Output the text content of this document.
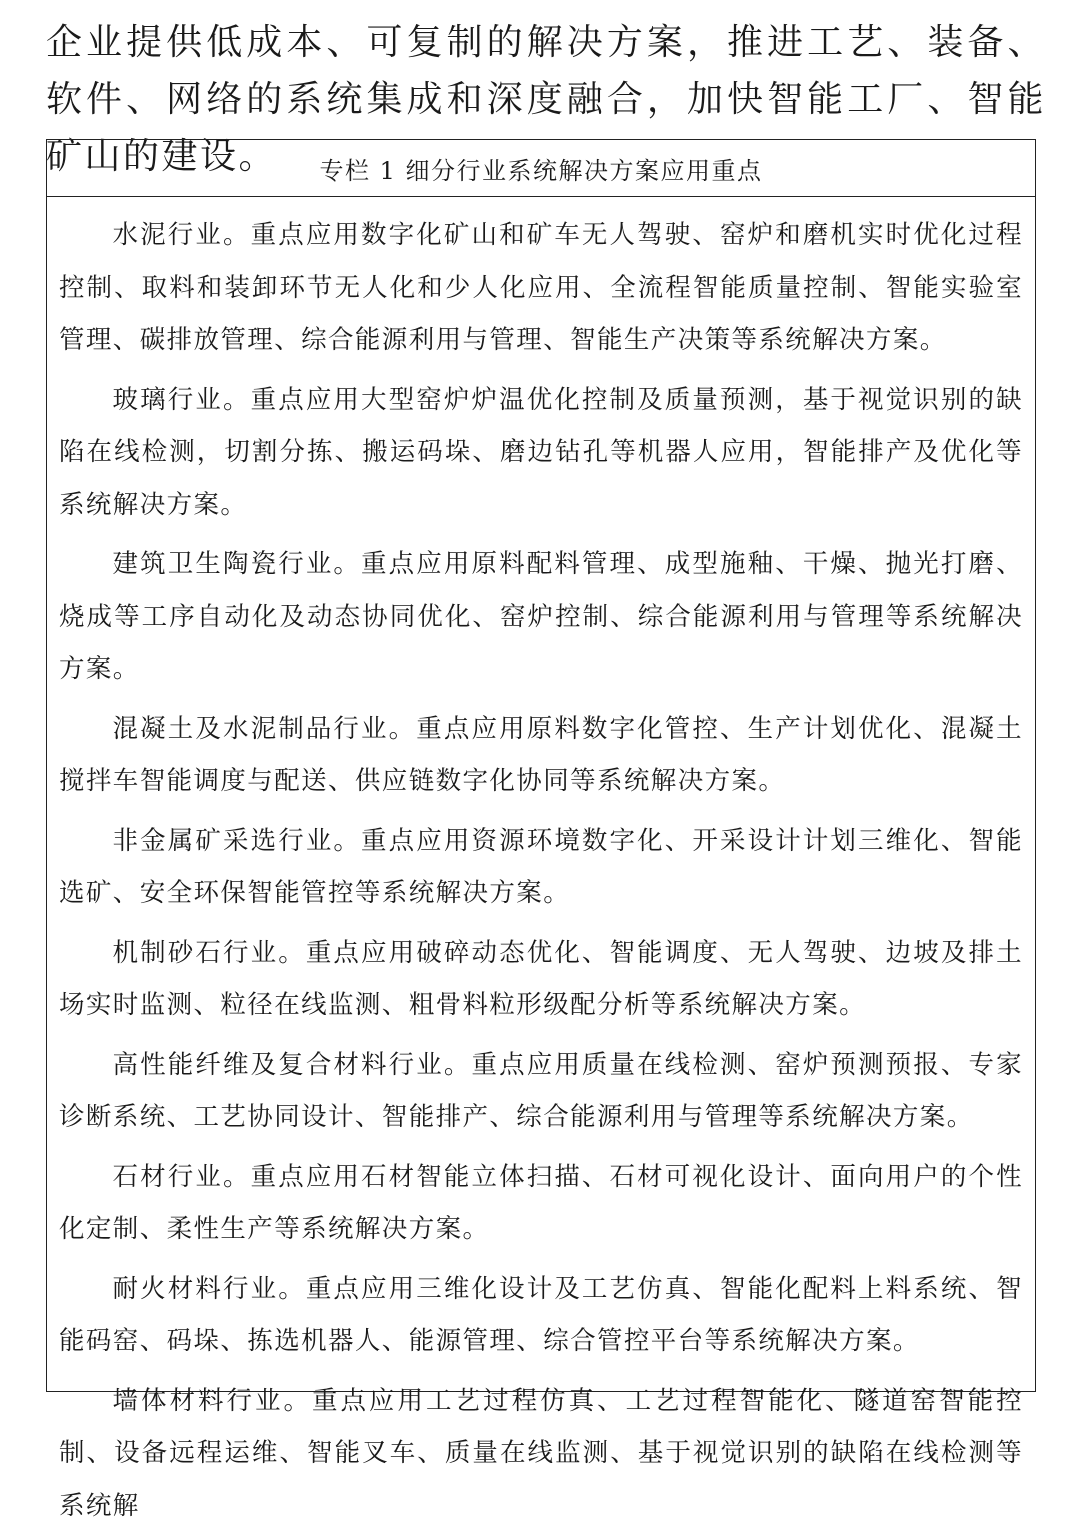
企业提供低成本、可复制的解决方案，推进工艺、装备、软件、网络的系统集成和深度融合，加快智能工厂、智能矿山的建设。	专栏 1 细分行业系统解决方案应用重点

水泥行业。重点应用数字化矿山和矿车无人驾驶、窑炉和磨机实时优化过程控制、取料和装卸环节无人化和少人化应用、全流程智能质量控制、智能实验室管理、碳排放管理、综合能源利用与管理、智能生产决策等系统解决方案。

玻璃行业。重点应用大型窑炉炉温优化控制及质量预测，基于视觉识别的缺陷在线检测，切割分拣、搬运码垛、磨边钻孔等机器人应用，智能排产及优化等系统解决方案。

建筑卫生陶瓷行业。重点应用原料配料管理、成型施釉、干燥、抛光打磨、烧成等工序自动化及动态协同优化、窑炉控制、综合能源利用与管理等系统解决方案。

混凝土及水泥制品行业。重点应用原料数字化管控、生产计划优化、混凝土搅拌车智能调度与配送、供应链数字化协同等系统解决方案。

非金属矿采选行业。重点应用资源环境数字化、开采设计计划三维化、智能选矿、安全环保智能管控等系统解决方案。

机制砂石行业。重点应用破碎动态优化、智能调度、无人驾驶、边坡及排土场实时监测、粒径在线监测、粗骨料粒形级配分析等系统解决方案。

高性能纤维及复合材料行业。重点应用质量在线检测、窑炉预测预报、专家诊断系统、工艺协同设计、智能排产、综合能源利用与管理等系统解决方案。

石材行业。重点应用石材智能立体扫描、石材可视化设计、面向用户的个性化定制、柔性生产等系统解决方案。

耐火材料行业。重点应用三维化设计及工艺仿真、智能化配料上料系统、智能码窑、码垛、拣选机器人、能源管理、综合管控平台等系统解决方案。

墙体材料行业。重点应用工艺过程仿真、工艺过程智能化、隧道窑智能控制、设备远程运维、智能叉车、质量在线监测、基于视觉识别的缺陷在线检测等系统解
